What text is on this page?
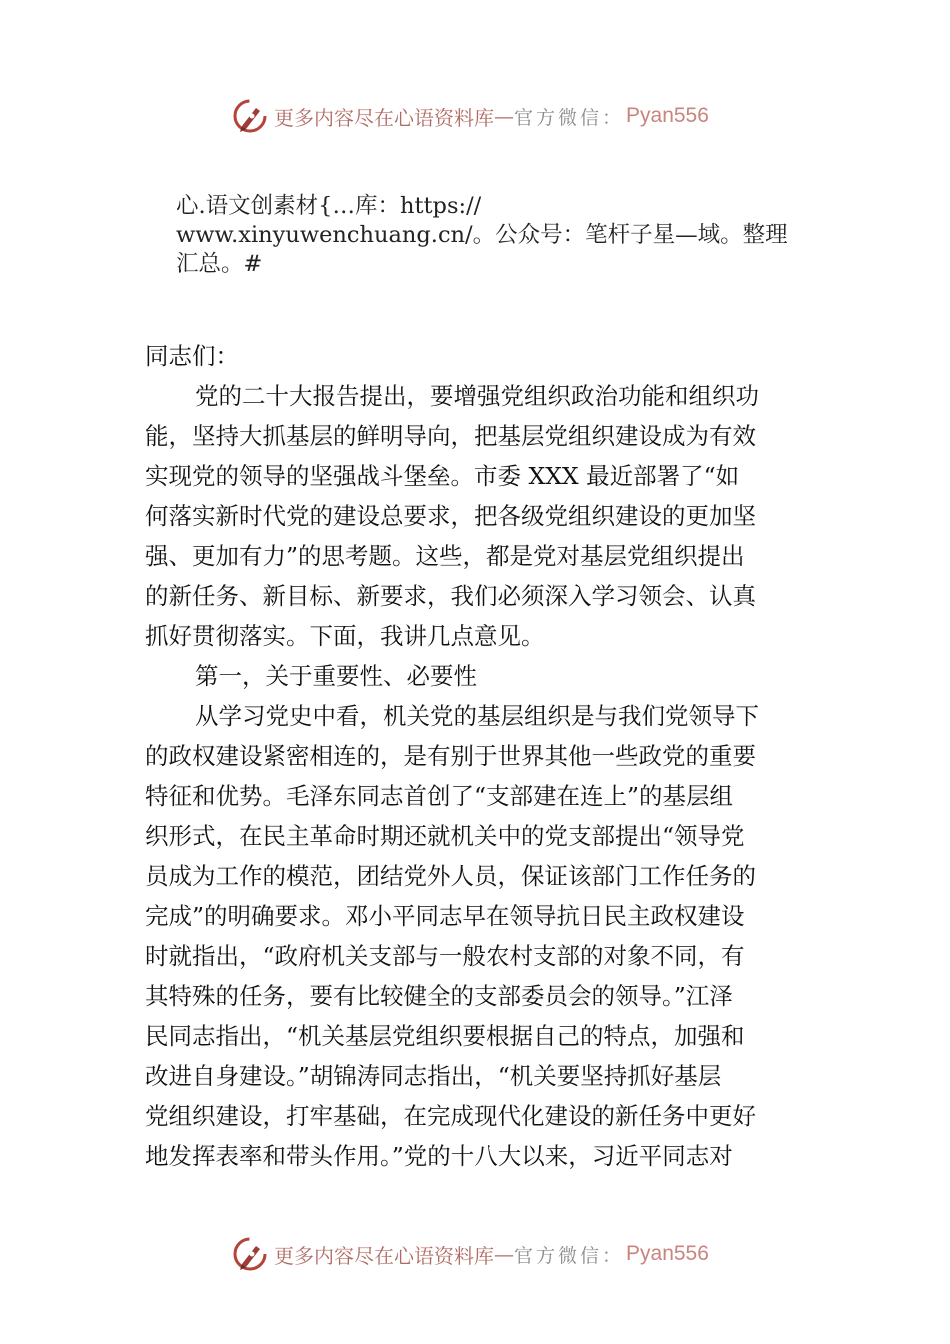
更多内容尽在心语资料库 — 官方微信： Pyan556
心.语文创素材{…库：https://
www.xinyuwenchuang.cn/。公众号：笔杆子星—域。整理
汇总。#
同志们：
党的二十大报告提出，要增强党组织政治功能和组织功
能，坚持大抓基层的鲜明导向，把基层党组织建设成为有效
实现党的领导的坚强战斗堡垒。市委 XXX 最近部署了“如
何落实新时代党的建设总要求，把各级党组织建设的更加坚
强、更加有力”的思考题。这些，都是党对基层党组织提出
的新任务、新目标、新要求，我们必须深入学习领会、认真
抓好贯彻落实。下面，我讲几点意见。
第一，关于重要性、必要性
从学习党史中看，机关党的基层组织是与我们党领导下
的政权建设紧密相连的，是有别于世界其他一些政党的重要
特征和优势。毛泽东同志首创了“支部建在连上”的基层组
织形式，在民主革命时期还就机关中的党支部提出“领导党
员成为工作的模范，团结党外人员，保证该部门工作任务的
完成”的明确要求。邓小平同志早在领导抗日民主政权建设
时就指出，“政府机关支部与一般农村支部的对象不同，有
其特殊的任务，要有比较健全的支部委员会的领导。”江泽
民同志指出，“机关基层党组织要根据自己的特点，加强和
改进自身建设。”胡锦涛同志指出，“机关要坚持抓好基层
党组织建设，打牢基础，在完成现代化建设的新任务中更好
地发挥表率和带头作用。”党的十八大以来，习近平同志对
更多内容尽在心语资料库 — 官方微信： Pyan556
